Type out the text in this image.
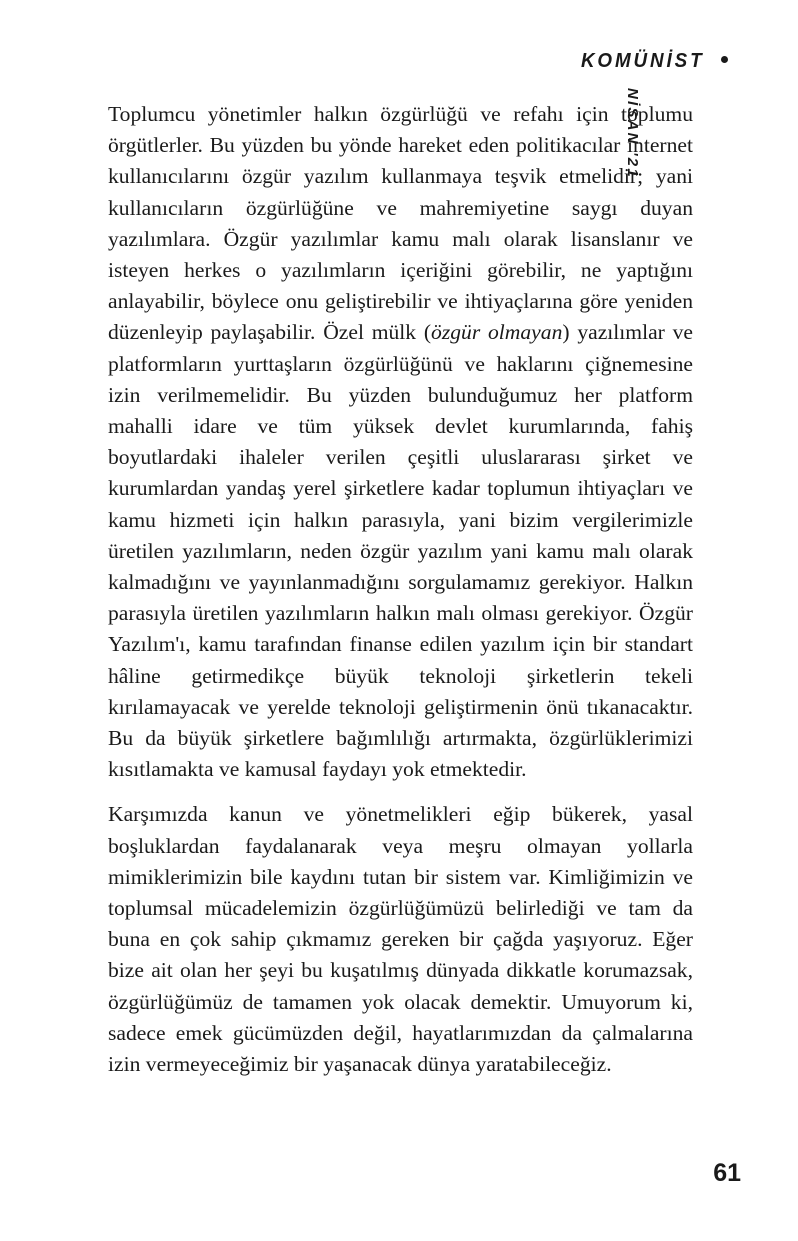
KOMÜNİST
NİSAN '21

Toplumcu yönetimler halkın özgürlüğü ve refahı için toplumu örgütlerler. Bu yüzden bu yönde hareket eden politikacılar internet kullanıcılarını özgür yazılım kullanmaya teşvik etmelidir; yani kullanıcıların özgürlüğüne ve mahremiyetine saygı duyan yazılımlara. Özgür yazılımlar kamu malı olarak lisanslanır ve isteyen herkes o yazılımların içeriğini görebilir, ne yaptığını anlayabilir, böylece onu geliştirebilir ve ihtiyaçlarına göre yeniden düzenleyip paylaşabilir. Özel mülk (özgür olmayan) yazılımlar ve platformların yurttaşların özgürlüğünü ve haklarını çiğnemesine izin verilmemelidir. Bu yüzden bulunduğumuz her platform mahalli idare ve tüm yüksek devlet kurumlarında, fahiş boyutlardaki ihaleler verilen çeşitli uluslararası şirket ve kurumlardan yandaş yerel şirketlere kadar toplumun ihtiyaçları ve kamu hizmeti için halkın parasıyla, yani bizim vergilerimizle üretilen yazılımların, neden özgür yazılım yani kamu malı olarak kalmadığını ve yayınlanmadığını sorgulamamız gerekiyor. Halkın parasıyla üretilen yazılımların halkın malı olması gerekiyor. Özgür Yazılım'ı, kamu tarafından finanse edilen yazılım için bir standart hâline getirmedikçe büyük teknoloji şirketlerin tekeli kırılamayacak ve yerelde teknoloji geliştirmenin önü tıkanacaktır. Bu da büyük şirketlere bağımlılığı artırmakta, özgürlüklerimizi kısıtlamakta ve kamusal faydayı yok etmektedir.

Karşımızda kanun ve yönetmelikleri eğip bükerek, yasal boşluklardan faydalanarak veya meşru olmayan yollarla mimiklerimizin bile kaydını tutan bir sistem var. Kimliğimizin ve toplumsal mücadelemizin özgürlüğümüzü belirlediği ve tam da buna en çok sahip çıkmamız gereken bir çağda yaşıyoruz. Eğer bize ait olan her şeyi bu kuşatılmış dünyada dikkatle korumazsak, özgürlüğümüz de tamamen yok olacak demektir. Umuyorum ki, sadece emek gücümüzden değil, hayatlarımızdan da çalmalarına izin vermeyeceğimiz bir yaşanacak dünya yaratabileceğiz.

61
